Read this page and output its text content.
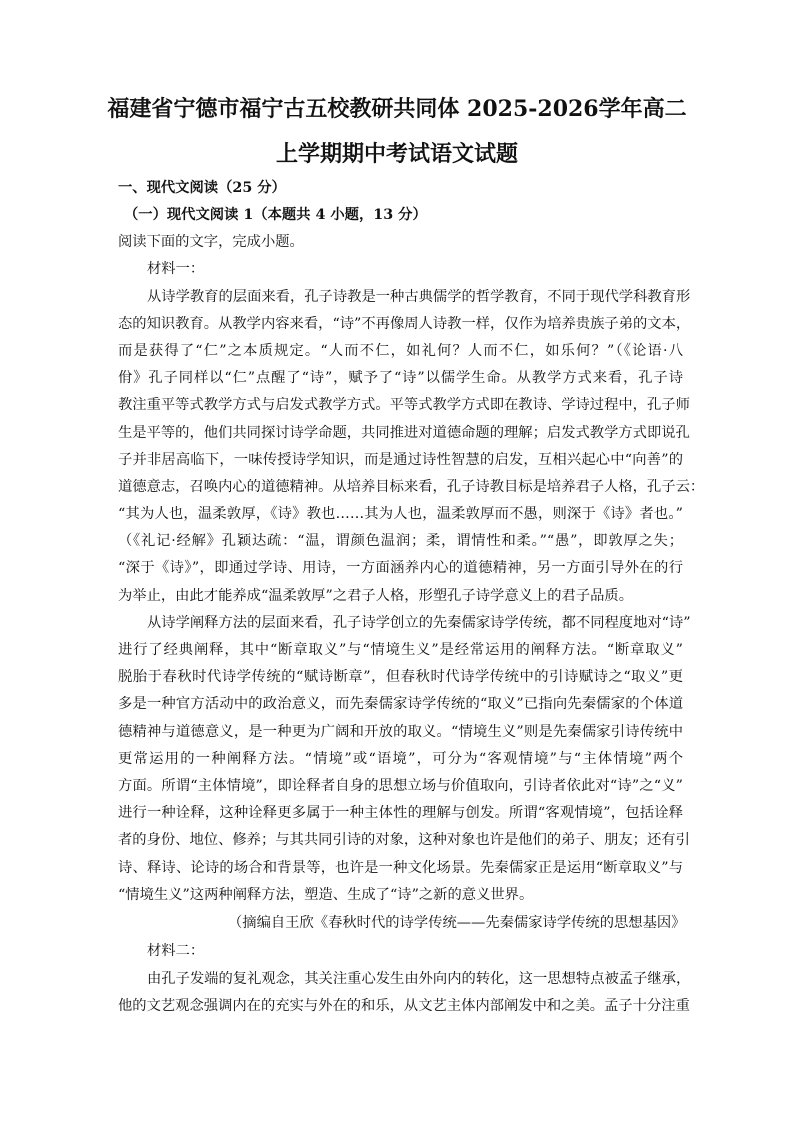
福建省宁德市福宁古五校教研共同体 2025-2026学年高二
上学期期中考试语文试题
一、现代文阅读（25 分）
（一）现代文阅读 1（本题共 4 小题，13 分）
阅读下面的文字，完成小题。
材料一：
从诗学教育的层面来看，孔子诗教是一种古典儒学的哲学教育，不同于现代学科教育形
态的知识教育。从教学内容来看，“诗”不再像周人诗教一样，仅作为培养贵族子弟的文本，
而是获得了“仁”之本质规定。“人而不仁，如礼何？人而不仁，如乐何？”（《论语·八
佾》孔子同样以“仁”点醒了“诗”，赋予了“诗”以儒学生命。从教学方式来看，孔子诗
教注重平等式教学方式与启发式教学方式。平等式教学方式即在教诗、学诗过程中，孔子师
生是平等的，他们共同探讨诗学命题，共同推进对道德命题的理解；启发式教学方式即说孔
子并非居高临下，一味传授诗学知识，而是通过诗性智慧的启发，互相兴起心中“向善”的
道德意志，召唤内心的道德精神。从培养目标来看，孔子诗教目标是培养君子人格，孔子云：
“其为人也，温柔敦厚，《诗》教也……其为人也，温柔敦厚而不愚，则深于《诗》者也。”
（《礼记·经解》孔颖达疏：“温，谓颜色温润；柔，谓情性和柔。”“愚”，即敦厚之失；
“深于《诗》”，即通过学诗、用诗，一方面涵养内心的道德精神，另一方面引导外在的行
为举止，由此才能养成“温柔敦厚”之君子人格，形塑孔子诗学意义上的君子品质。
从诗学阐释方法的层面来看，孔子诗学创立的先秦儒家诗学传统，都不同程度地对“诗”
进行了经典阐释，其中“断章取义”与“情境生义”是经常运用的阐释方法。“断章取义”
脱胎于春秋时代诗学传统的“赋诗断章”，但春秋时代诗学传统中的引诗赋诗之“取义”更
多是一种官方活动中的政治意义，而先秦儒家诗学传统的“取义”已指向先秦儒家的个体道
德精神与道德意义，是一种更为广阔和开放的取义。“情境生义”则是先秦儒家引诗传统中
更常运用的一种阐释方法。“情境”或“语境”，可分为“客观情境”与“主体情境”两个
方面。所谓“主体情境”，即诠释者自身的思想立场与价值取向，引诗者依此对“诗”之“义”
进行一种诠释，这种诠释更多属于一种主体性的理解与创发。所谓“客观情境”，包括诠释
者的身份、地位、修养；与其共同引诗的对象，这种对象也许是他们的弟子、朋友；还有引
诗、释诗、论诗的场合和背景等，也许是一种文化场景。先秦儒家正是运用“断章取义”与
“情境生义”这两种阐释方法，塑造、生成了“诗”之新的意义世界。
（摘编自王欣《春秋时代的诗学传统——先秦儒家诗学传统的思想基因》
材料二：
由孔子发端的复礼观念，其关注重心发生由外向内的转化，这一思想特点被孟子继承，
他的文艺观念强调内在的充实与外在的和乐，从文艺主体内部阐发中和之美。孟子十分注重
